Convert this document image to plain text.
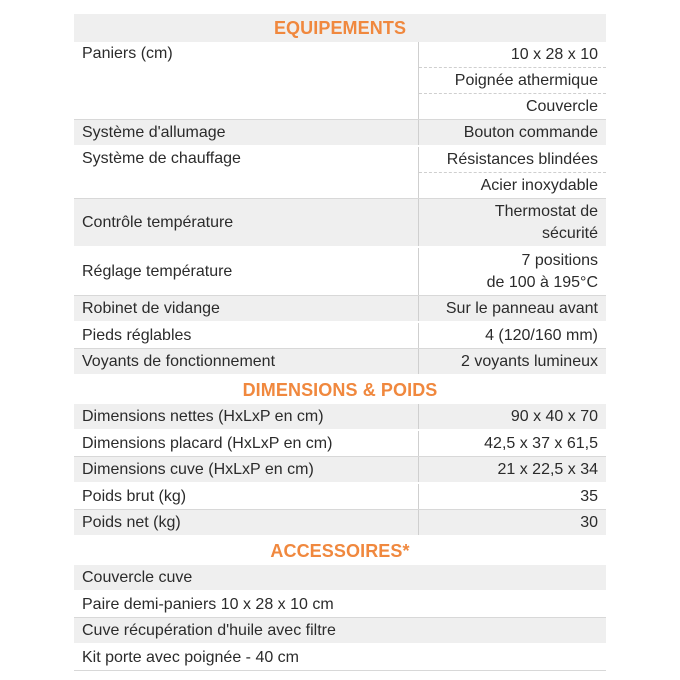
EQUIPEMENTS	
Paniers (cm)	10 x 28 x 10
	Poignée athermique
	Couvercle
Système d'allumage	Bouton commande
Système de chauffage	Résistances blindées
	Acier inoxydable
Contrôle température	Thermostat de
sécurité
Réglage température	7 positions
de 100 à 195°C
Robinet de vidange	Sur le panneau avant
Pieds réglables	4 (120/160 mm)
Voyants de fonctionnement	2 voyants lumineux
DIMENSIONS & POIDS	
Dimensions nettes (HxLxP en cm)	90 x 40 x 70
Dimensions placard (HxLxP en cm)	42,5 x 37 x 61,5
Dimensions cuve (HxLxP en cm)	21 x 22,5 x 34
Poids brut (kg)	35
Poids net (kg)	30
ACCESSOIRES*	
Couvercle cuve	
Paire demi-paniers 10 x 28 x 10 cm	
Cuve récupération d'huile avec filtre	
Kit porte avec poignée - 40 cm	
